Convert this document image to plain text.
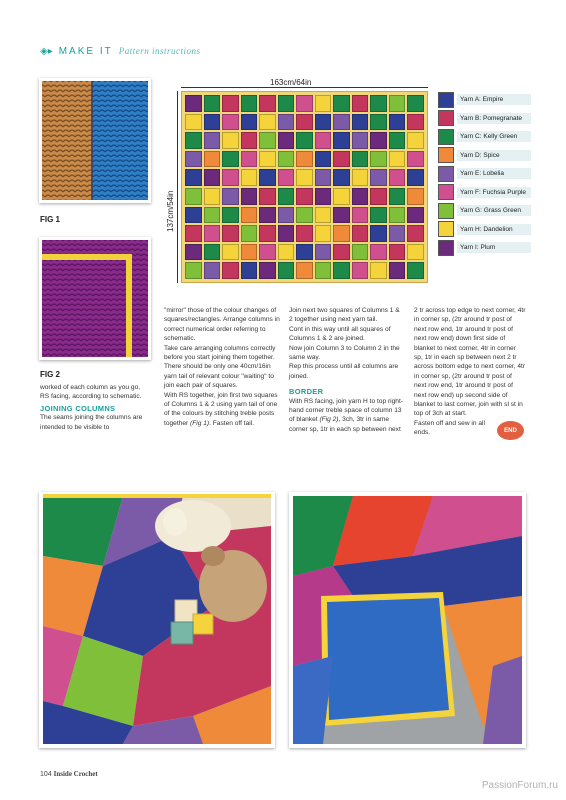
◈▸ MAKE IT Pattern instructions
FIG 1
FIG 2
163cm/64in
137cm/54in
Yarn A: Empire
Yarn B: Pomegranate
Yarn C: Kelly Green
Yarn D: Spice
Yarn E: Lobelia
Yarn F: Fuchsia Purple
Yarn G: Grass Green
Yarn H: Dandelion
Yarn I: Plum

worked of each column as you go, RS facing, according to schematic.

JOINING COLUMNS

The seams joining the columns are intended to be visible to

"mirror" those of the colour changes of squares/rectangles. Arrange columns in correct numerical order referring to schematic.

Take care arranging columns correctly before you start joining them together. There should be only one 40cm/16in yarn tail of relevant colour "waiting" to join each pair of squares.

With RS together, join first two squares of Columns 1 & 2 using yarn tail of one of the colours by stitching treble posts together (Fig 1). Fasten off tail.

Join next two squares of Columns 1 & 2 together using next yarn tail.

Cont in this way until all squares of Columns 1 & 2 are joined.

Now join Column 3 to Column 2 in the same way.

Rep this process until all columns are joined.

BORDER

With RS facing, join yarn H to top right-hand corner treble space of column 13 of blanket (Fig 2), 3ch, 3tr in same corner sp, 1tr in each sp between next

2 tr across top edge to next corner, 4tr in corner sp, (2tr around tr post of next row end, 1tr around tr post of next row end) down first side of blanket to next corner, 4tr in corner sp, 1tr in each sp between next 2 tr across bottom edge to next corner, 4tr in corner sp, (2tr around tr post of next row end, 1tr around tr post of next row end) up second side of blanket to last corner, join with sl st in top of 3ch at start.

Fasten off and sew in all ends.	END
104 Inside Crochet
PassionForum.ru
